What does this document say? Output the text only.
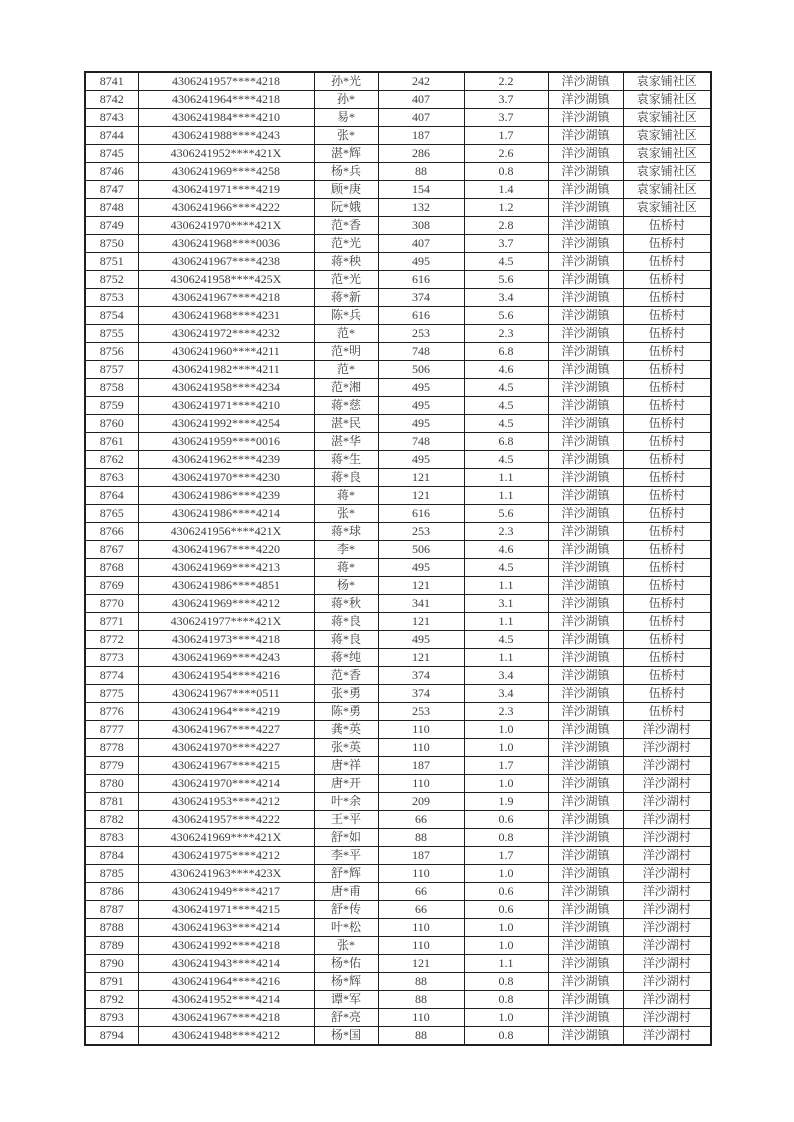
8741	4306241957****4218	孙*光	242	2.2	洋沙湖镇	袁家铺社区
8742	4306241964****4218	孙*	407	3.7	洋沙湖镇	袁家铺社区
8743	4306241984****4210	易*	407	3.7	洋沙湖镇	袁家铺社区
8744	4306241988****4243	张*	187	1.7	洋沙湖镇	袁家铺社区
8745	4306241952****421X	湛*辉	286	2.6	洋沙湖镇	袁家铺社区
8746	4306241969****4258	杨*兵	88	0.8	洋沙湖镇	袁家铺社区
8747	4306241971****4219	顾*庚	154	1.4	洋沙湖镇	袁家铺社区
8748	4306241966****4222	阮*娥	132	1.2	洋沙湖镇	袁家铺社区
8749	4306241970****421X	范*香	308	2.8	洋沙湖镇	伍桥村
8750	4306241968****0036	范*光	407	3.7	洋沙湖镇	伍桥村
8751	4306241967****4238	蒋*秧	495	4.5	洋沙湖镇	伍桥村
8752	4306241958****425X	范*光	616	5.6	洋沙湖镇	伍桥村
8753	4306241967****4218	蒋*新	374	3.4	洋沙湖镇	伍桥村
8754	4306241968****4231	陈*兵	616	5.6	洋沙湖镇	伍桥村
8755	4306241972****4232	范*	253	2.3	洋沙湖镇	伍桥村
8756	4306241960****4211	范*明	748	6.8	洋沙湖镇	伍桥村
8757	4306241982****4211	范*	506	4.6	洋沙湖镇	伍桥村
8758	4306241958****4234	范*湘	495	4.5	洋沙湖镇	伍桥村
8759	4306241971****4210	蒋*慈	495	4.5	洋沙湖镇	伍桥村
8760	4306241992****4254	湛*民	495	4.5	洋沙湖镇	伍桥村
8761	4306241959****0016	湛*华	748	6.8	洋沙湖镇	伍桥村
8762	4306241962****4239	蒋*生	495	4.5	洋沙湖镇	伍桥村
8763	4306241970****4230	蒋*良	121	1.1	洋沙湖镇	伍桥村
8764	4306241986****4239	蒋*	121	1.1	洋沙湖镇	伍桥村
8765	4306241986****4214	张*	616	5.6	洋沙湖镇	伍桥村
8766	4306241956****421X	蒋*球	253	2.3	洋沙湖镇	伍桥村
8767	4306241967****4220	李*	506	4.6	洋沙湖镇	伍桥村
8768	4306241969****4213	蒋*	495	4.5	洋沙湖镇	伍桥村
8769	4306241986****4851	杨*	121	1.1	洋沙湖镇	伍桥村
8770	4306241969****4212	蒋*秋	341	3.1	洋沙湖镇	伍桥村
8771	4306241977****421X	蒋*良	121	1.1	洋沙湖镇	伍桥村
8772	4306241973****4218	蒋*良	495	4.5	洋沙湖镇	伍桥村
8773	4306241969****4243	蒋*纯	121	1.1	洋沙湖镇	伍桥村
8774	4306241954****4216	范*香	374	3.4	洋沙湖镇	伍桥村
8775	4306241967****0511	张*勇	374	3.4	洋沙湖镇	伍桥村
8776	4306241964****4219	陈*勇	253	2.3	洋沙湖镇	伍桥村
8777	4306241967****4227	龚*英	110	1.0	洋沙湖镇	洋沙湖村
8778	4306241970****4227	张*英	110	1.0	洋沙湖镇	洋沙湖村
8779	4306241967****4215	唐*祥	187	1.7	洋沙湖镇	洋沙湖村
8780	4306241970****4214	唐*开	110	1.0	洋沙湖镇	洋沙湖村
8781	4306241953****4212	叶*余	209	1.9	洋沙湖镇	洋沙湖村
8782	4306241957****4222	王*平	66	0.6	洋沙湖镇	洋沙湖村
8783	4306241969****421X	舒*如	88	0.8	洋沙湖镇	洋沙湖村
8784	4306241975****4212	李*平	187	1.7	洋沙湖镇	洋沙湖村
8785	4306241963****423X	舒*辉	110	1.0	洋沙湖镇	洋沙湖村
8786	4306241949****4217	唐*甫	66	0.6	洋沙湖镇	洋沙湖村
8787	4306241971****4215	舒*传	66	0.6	洋沙湖镇	洋沙湖村
8788	4306241963****4214	叶*松	110	1.0	洋沙湖镇	洋沙湖村
8789	4306241992****4218	张*	110	1.0	洋沙湖镇	洋沙湖村
8790	4306241943****4214	杨*佑	121	1.1	洋沙湖镇	洋沙湖村
8791	4306241964****4216	杨*辉	88	0.8	洋沙湖镇	洋沙湖村
8792	4306241952****4214	谭*军	88	0.8	洋沙湖镇	洋沙湖村
8793	4306241967****4218	舒*亮	110	1.0	洋沙湖镇	洋沙湖村
8794	4306241948****4212	杨*国	88	0.8	洋沙湖镇	洋沙湖村
